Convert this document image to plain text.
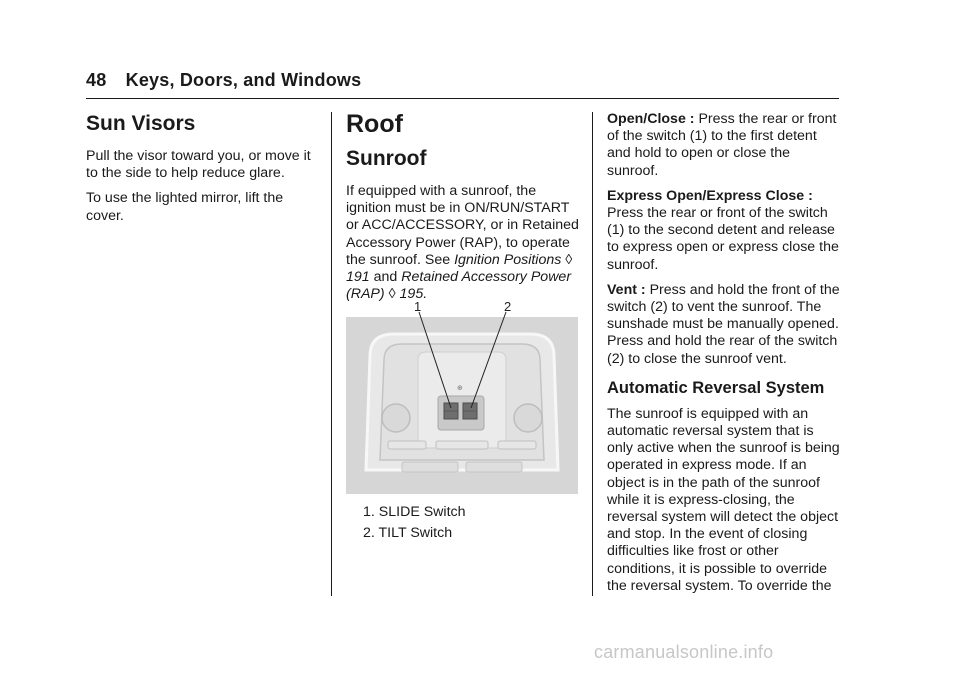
48 Keys, Doors, and Windows
Sun Visors

Pull the visor toward you, or move it to the side to help reduce glare.

To use the lighted mirror, lift the cover.

Roof
Sunroof

If equipped with a sunroof, the ignition must be in ON/RUN/START or ACC/ACCESSORY, or in Retained Accessory Power (RAP), to operate the sunroof. See Ignition Positions ◊ 191 and Retained Accessory Power (RAP) ◊ 195.

⊕
1	2
1. SLIDE Switch
2. TILT Switch

Open/Close : Press the rear or front of the switch (1) to the first detent and hold to open or close the sunroof.

Express Open/Express Close : Press the rear or front of the switch (1) to the second detent and release to express open or express close the sunroof.

Vent : Press and hold the front of the switch (2) to vent the sunroof. The sunshade must be manually opened. Press and hold the rear of the switch (2) to close the sunroof vent.

Automatic Reversal System

The sunroof is equipped with an automatic reversal system that is only active when the sunroof is being operated in express mode. If an object is in the path of the sunroof while it is express-closing, the reversal system will detect the object and stop. In the event of closing difficulties like frost or other conditions, it is possible to override the reversal system. To override the

carmanualsonline.info
